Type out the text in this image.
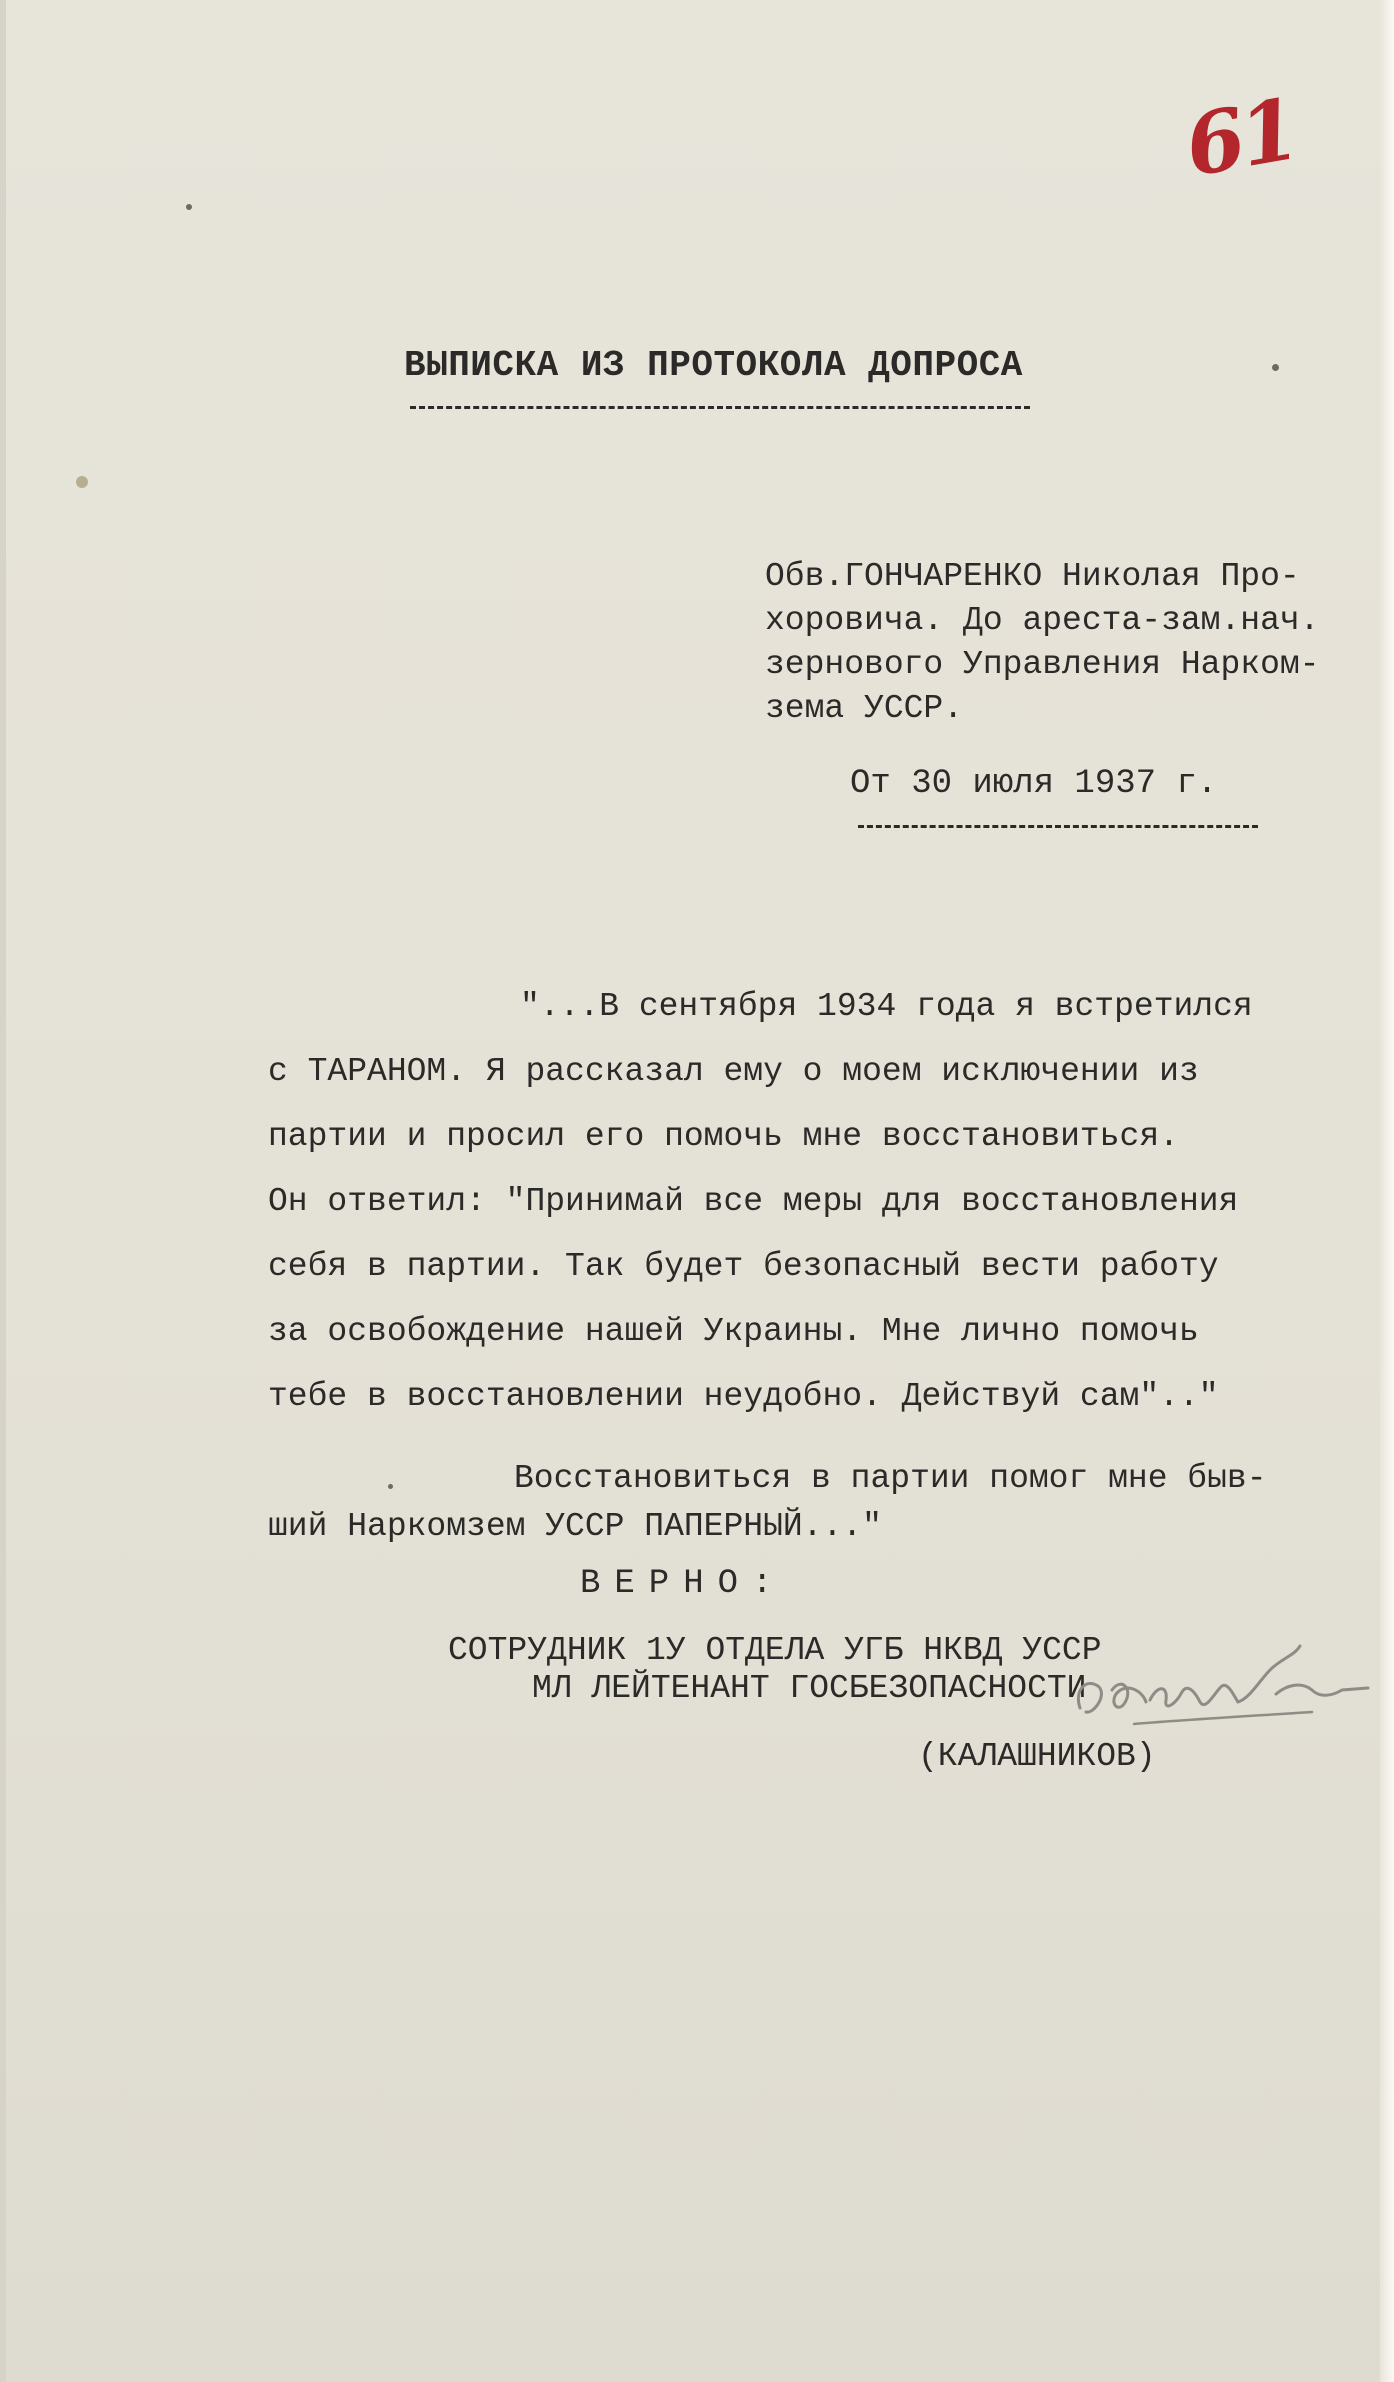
61
ВЫПИСКА ИЗ ПРОТОКОЛА ДОПРОСА
Обв.ГОНЧАРЕНКО Николая Про-
хоровича. До ареста-зам.нач.
зернового Управления Нарком-
зема УССР.
От 30 июля 1937 г.
"...В сентября 1934 года я встретился
с ТАРАНОМ. Я рассказал ему о моем исключении из
партии и просил его помочь мне восстановиться.
Он ответил: "Принимай все меры для восстановления
себя в партии. Так будет безопасный вести работу
за освобождение нашей Украины. Мне лично помочь
тебе в восстановлении неудобно. Действуй сам".."
Восстановиться в партии помог мне быв-
ший Наркомзем УССР ПАПЕРНЫЙ..."
ВЕРНО:
СОТРУДНИК 1У ОТДЕЛА УГБ НКВД УССР
МЛ ЛЕЙТЕНАНТ ГОСБЕЗОПАСНОСТИ
(КАЛАШНИКОВ)
